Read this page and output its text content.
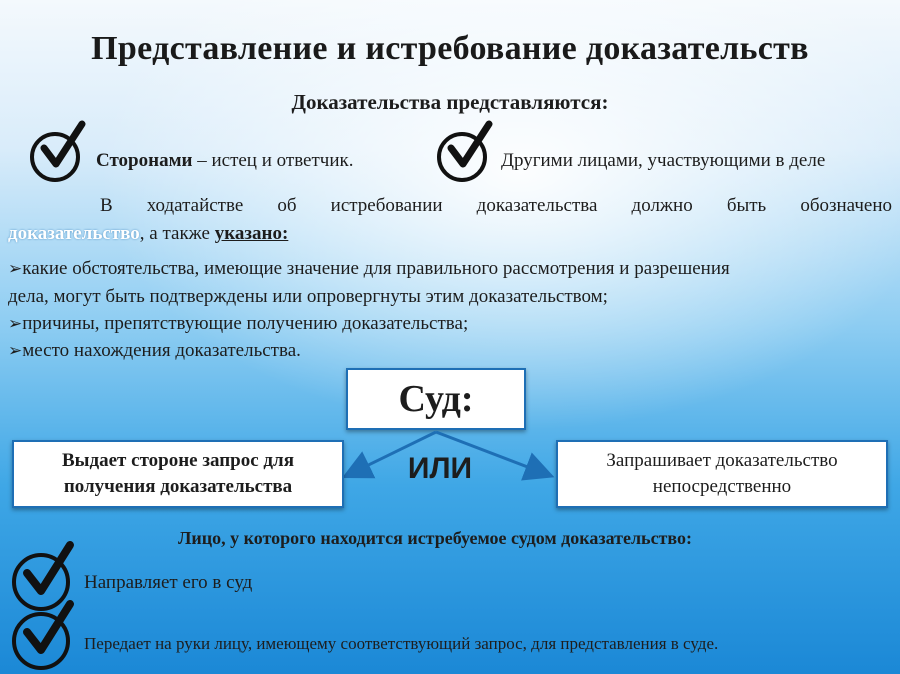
Представление и истребование доказательств
Доказательства представляются:
Сторонами – истец и ответчик.	Другими лицами, участвующими в деле
В ходатайстве об истребовании доказательства должно быть обозначено
доказательство, а также указано:
➢какие обстоятельства, имеющие значение для правильного рассмотрения и разрешения
дела, могут быть подтверждены или опровергнуты этим доказательством;
➢причины, препятствующие получению доказательства;
➢место нахождения доказательства.
Суд:
ИЛИ
Выдает стороне запрос для
получения доказательства
Запрашивает доказательство
непосредственно
Лицо, у которого находится истребуемое судом доказательство:
Направляет его в суд
Передает на руки лицу, имеющему соответствующий запрос, для представления в суде.
